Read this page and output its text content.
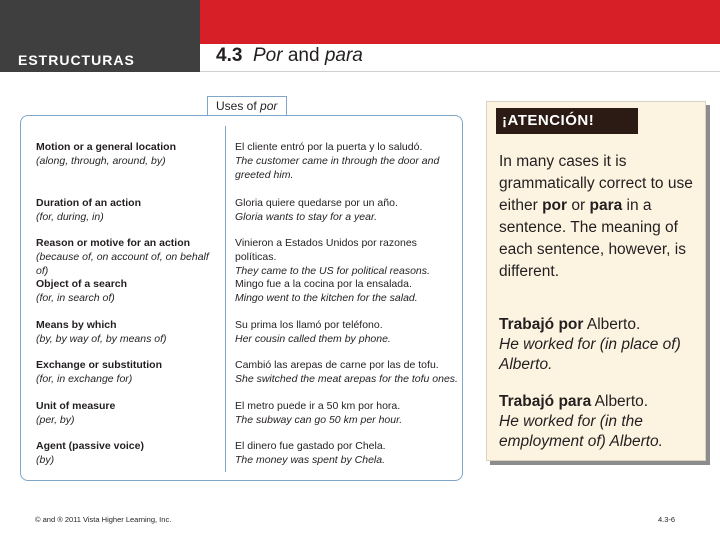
ESTRUCTURAS	4.3 Por and para
Uses of por
Motion or a general location
(along, through, around, by)
El cliente entró por la puerta y lo saludó.
The customer came in through the door and greeted him.
Duration of an action
(for, during, in)
Gloria quiere quedarse por un año.
Gloria wants to stay for a year.
Reason or motive for an action
(because of, on account of, on behalf of)
Vinieron a Estados Unidos por razones políticas.
They came to the US for political reasons.
Object of a search
(for, in search of)
Mingo fue a la cocina por la ensalada.
Mingo went to the kitchen for the salad.
Means by which
(by, by way of, by means of)
Su prima los llamó por teléfono.
Her cousin called them by phone.
Exchange or substitution
(for, in exchange for)
Cambió las arepas de carne por las de tofu.
She switched the meat arepas for the tofu ones.
Unit of measure
(per, by)
El metro puede ir a 50 km por hora.
The subway can go 50 km per hour.
Agent (passive voice)
(by)
El dinero fue gastado por Chela.
The money was spent by Chela.
¡ATENCIÓN!
In many cases it is grammatically correct to use either por or para in a sentence. The meaning of each sentence, however, is different.
Trabajó por Alberto.
He worked for (in place of) Alberto.
Trabajó para Alberto.
He worked for (in the employment of) Alberto.
© and ® 2011 Vista Higher Learning, Inc.	4.3-6
